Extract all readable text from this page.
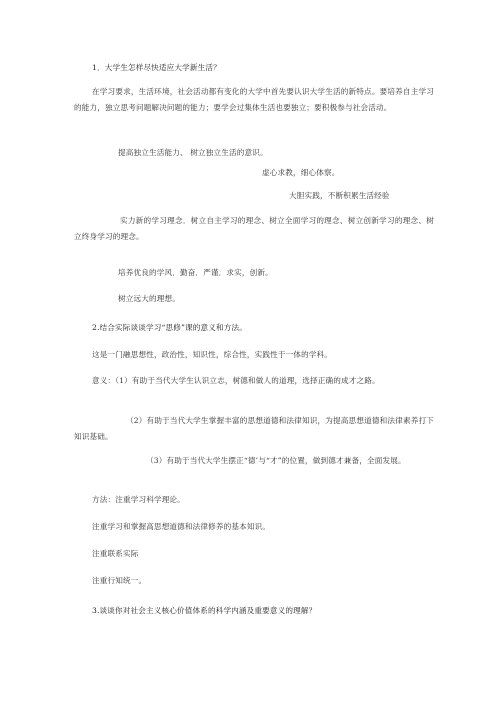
1．大学生怎样尽快适应大学新生活？
在学习要求，生活环境，社会活动都有变化的大学中首先要认识大学生活的新特点。要培养自主学习的能力，独立思考问题解决问题的能力；要学会过集体生活也要独立；要积极参与社会活动。
提高独立生活能力、 树立独立生活的意识。
虚心求教，细心体察。
大胆实践，不断积累生活经验
实力新的学习理念．树立自主学习的理念、树立全面学习的理念、树立创新学习的理念、树立终身学习的理念。
培养优良的学风．勤奋．严谨．求实，创新。
树立远大的理想。
2.结合实际谈谈学习“思修”课的意义和方法。
这是一门融思想性，政治性，知识性，综合性，实践性于一体的学科。
意义：（1）有助于当代大学生认识立志，树德和做人的道理，选择正确的成才之路。
（2）有助于当代大学生掌握丰富的思想道德和法律知识，为提高思想道德和法律素养打下知识基础。
（3）有助于当代大学生摆正“德’与“才”的位置，做到德才兼备，全面发展。
方法：注重学习科学理论。
注重学习和掌握高思想道德和法律修养的基本知识。
注重联系实际
注重行知统一。
3.谈谈你对社会主义核心价值体系的科学内涵及重要意义的理解？
